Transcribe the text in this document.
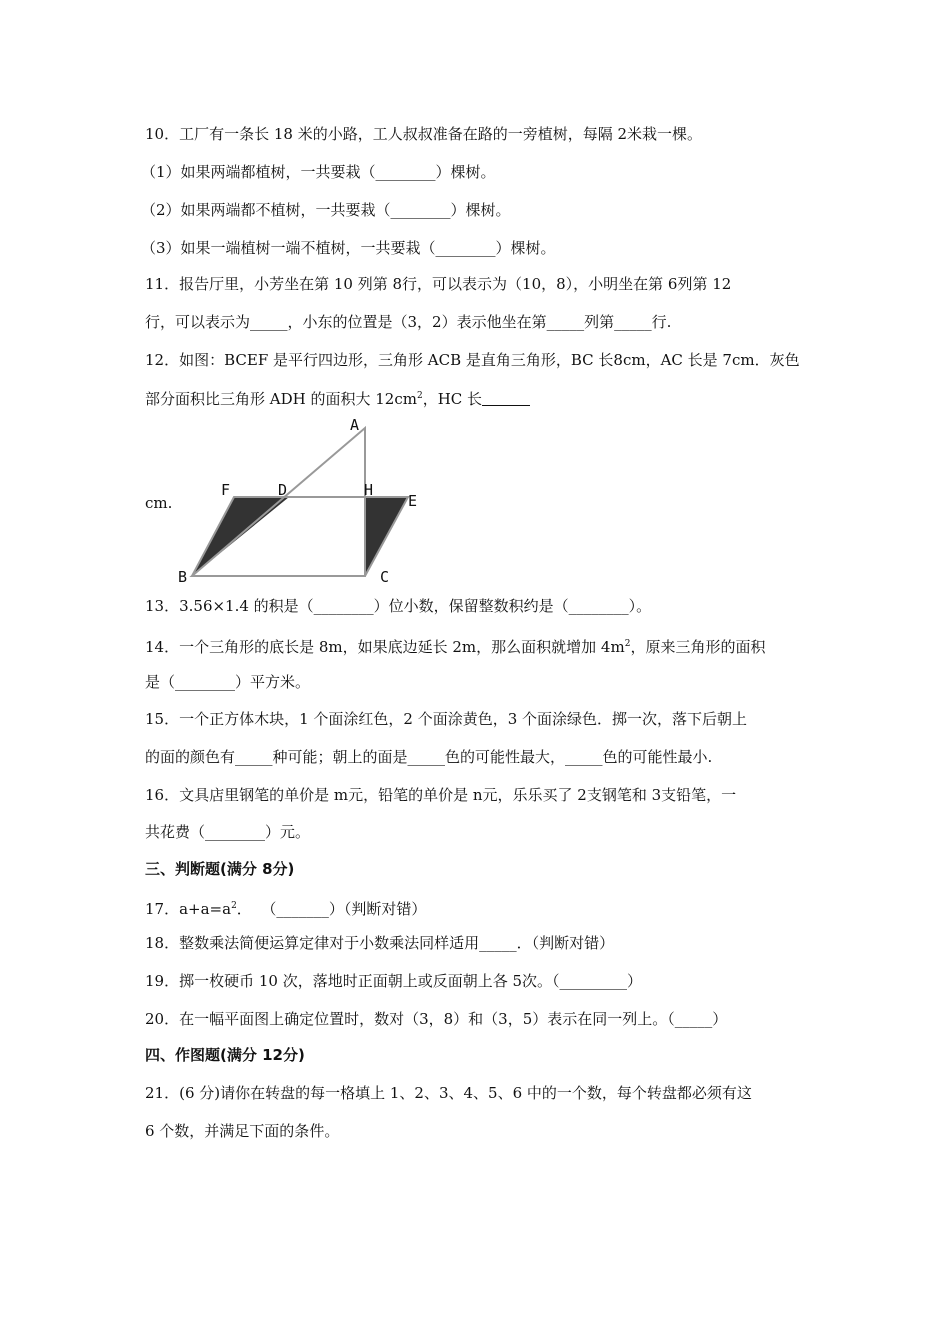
10．工厂有一条长 18 米的小路，工人叔叔准备在路的一旁植树，每隔 2米栽一棵。
（1）如果两端都植树，一共要栽（________）棵树。
（2）如果两端都不植树，一共要栽（________）棵树。
（3）如果一端植树一端不植树，一共要栽（________）棵树。
11．报告厅里，小芳坐在第 10 列第 8行，可以表示为（10，8），小明坐在第 6列第 12
行，可以表示为_____，小东的位置是（3，2）表示他坐在第_____列第_____行.
12．如图：BCEF 是平行四边形，三角形 ACB 是直角三角形，BC 长8cm，AC 长是 7cm．灰色
部分面积比三角形 ADH 的面积大 $12cm^2$，HC 长
cm.
A
F	D	H
E
B	C
13．3.56×1.4 的积是（________）位小数，保留整数积约是（________）。
14．一个三角形的底长是 8m，如果底边延长 2m，那么面积就增加 $4m^2$，原来三角形的面积
是（________）平方米。
15．一个正方体木块，1 个面涂红色，2 个面涂黄色，3 个面涂绿色．掷一次，落下后朝上
的面的颜色有_____种可能；朝上的面是_____色的可能性最大，_____色的可能性最小.
16．文具店里钢笔的单价是 m元，铅笔的单价是 n元，乐乐买了 2支钢笔和 3支铅笔，一
共花费（________）元。
三、判断题(满分 8分)
17．$a+a=a^2$．  （_______）（判断对错）
18．整数乘法简便运算定律对于小数乘法同样适用_____．（判断对错）
19．掷一枚硬币 10 次，落地时正面朝上或反面朝上各 5次。（_________）
20．在一幅平面图上确定位置时，数对（3，8）和（3，5）表示在同一列上。（_____）
四、作图题(满分 12分)
21．(6 分)请你在转盘的每一格填上 1、2、3、4、5、6 中的一个数，每个转盘都必须有这
6 个数，并满足下面的条件。
